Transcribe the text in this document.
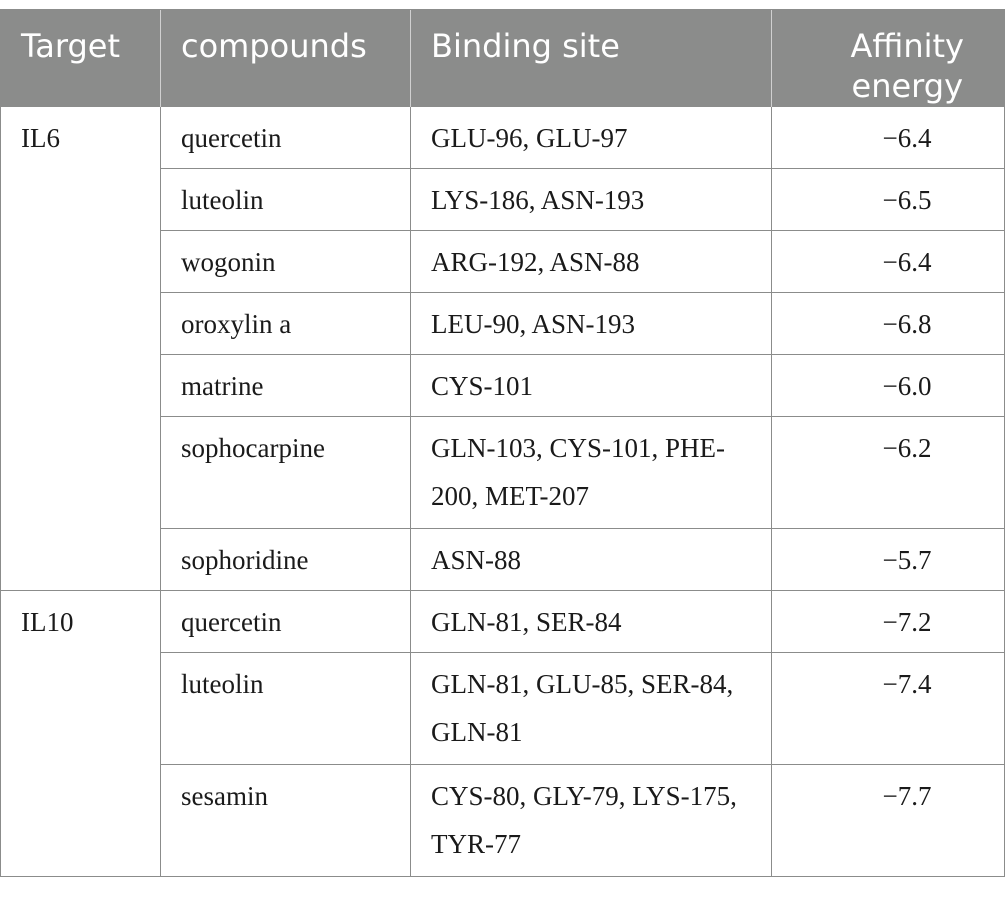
Target	compounds	Binding site	Affinity energy
IL6	quercetin	GLU-96, GLU-97	−6.4
	luteolin	LYS-186, ASN-193	−6.5
	wogonin	ARG-192, ASN-88	−6.4
	oroxylin a	LEU-90, ASN-193	−6.8
	matrine	CYS-101	−6.0
	sophocarpine	GLN-103, CYS-101, PHE-200, MET-207	−6.2
	sophoridine	ASN-88	−5.7
IL10	quercetin	GLN-81, SER-84	−7.2
	luteolin	GLN-81, GLU-85, SER-84, GLN-81	−7.4
	sesamin	CYS-80, GLY-79, LYS-175, TYR-77	−7.7
